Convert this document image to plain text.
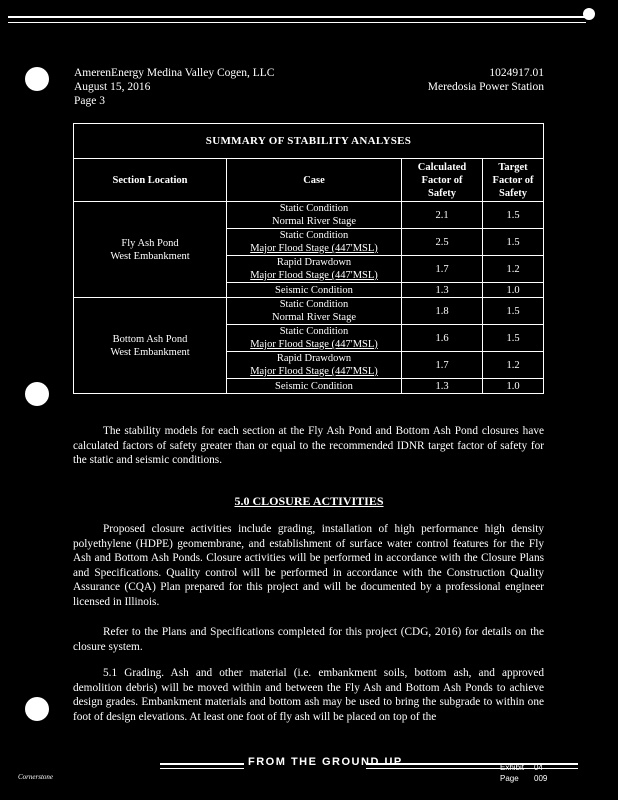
AmerenEnergy Medina Valley Cogen, LLC
August 15, 2016
Page 3
1024917.01
Meredosia Power Station
SUMMARY OF STABILITY ANALYSES			
Section Location	Case	Calculated
Factor of
Safety	Target
Factor of
Safety
Fly Ash Pond
West Embankment	Static Condition
Normal River Stage	2.1	1.5
	Static Condition
Major Flood Stage (447'MSL)	2.5	1.5
	Rapid Drawdown
Major Flood Stage (447'MSL)	1.7	1.2
	Seismic Condition	1.3	1.0
Bottom Ash Pond
West Embankment	Static Condition
Normal River Stage	1.8	1.5
	Static Condition
Major Flood Stage (447'MSL)	1.6	1.5
	Rapid Drawdown
Major Flood Stage (447'MSL)	1.7	1.2
	Seismic Condition	1.3	1.0
The stability models for each section at the Fly Ash Pond and Bottom Ash Pond closures have calculated factors of safety greater than or equal to the recommended IDNR target factor of safety for the static and seismic conditions.
5.0 CLOSURE ACTIVITIES
Proposed closure activities include grading, installation of high performance high density polyethylene (HDPE) geomembrane, and establishment of surface water control features for the Fly Ash and Bottom Ash Ponds. Closure activities will be performed in accordance with the Closure Plans and Specifications. Quality control will be performed in accordance with the Construction Quality Assurance (CQA) Plan prepared for this project and will be documented by a professional engineer licensed in Illinois.
Refer to the Plans and Specifications completed for this project (CDG, 2016) for details on the closure system.
5.1 Grading. Ash and other material (i.e. embankment soils, bottom ash, and approved demolition debris) will be moved within and between the Fly Ash and Bottom Ash Ponds to achieve design grades. Embankment materials and bottom ash may be used to bring the subgrade to within one foot of design elevations. At least one foot of fly ash will be placed on top of the
FROM THE GROUND UP
Cornerstone
Exhibit 04
Page 009
